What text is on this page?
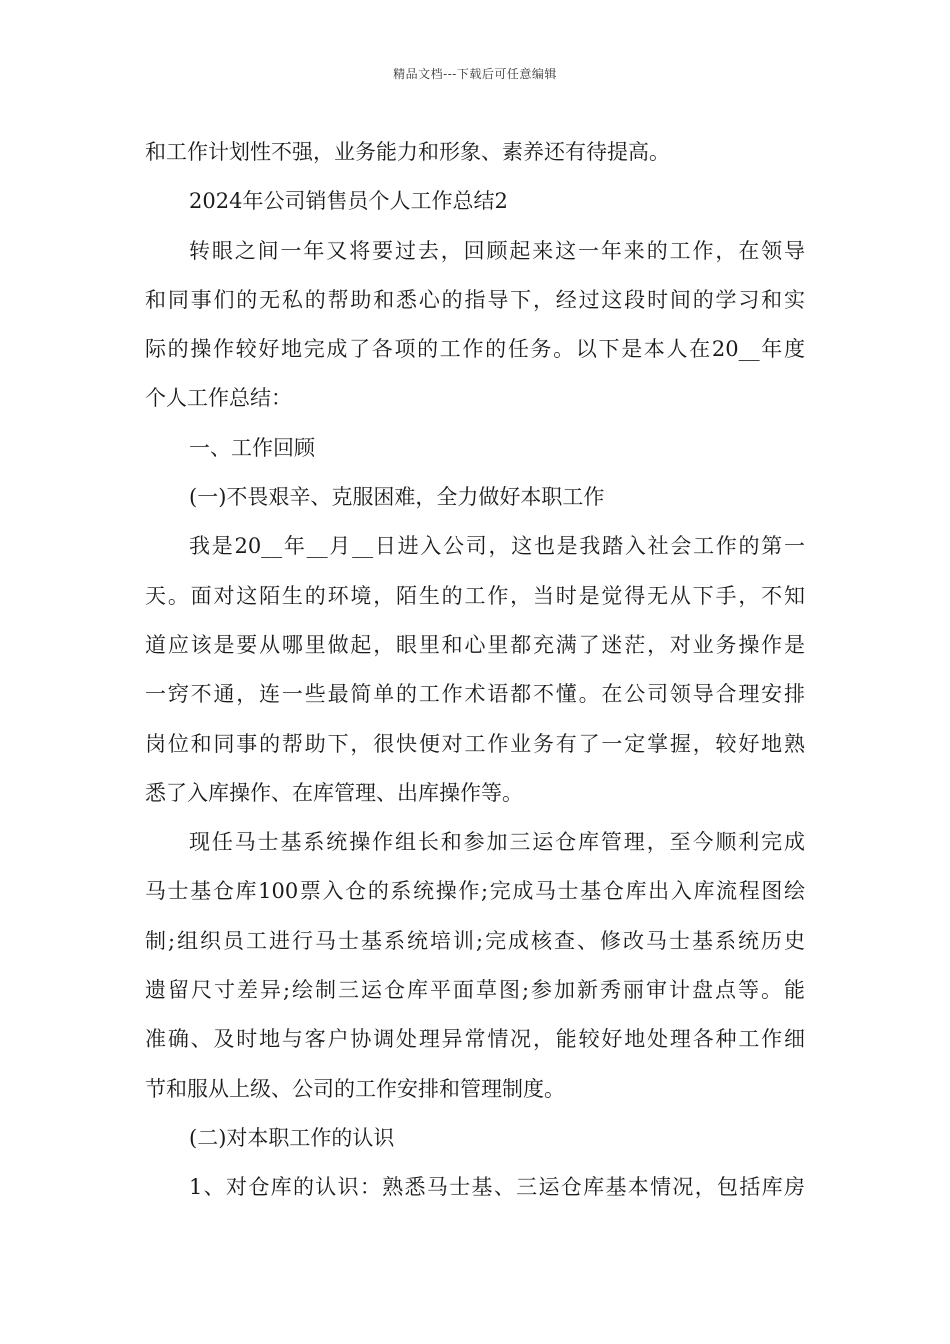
精品文档---下载后可任意编辑
和工作计划性不强，业务能力和形象、素养还有待提高。
2024年公司销售员个人工作总结2
转眼之间一年又将要过去，回顾起来这一年来的工作，在领导
和同事们的无私的帮助和悉心的指导下，经过这段时间的学习和实
际的操作较好地完成了各项的工作的任务。以下是本人在20__年度
个人工作总结：
一、工作回顾
(一)不畏艰辛、克服困难，全力做好本职工作
我是20__年__月__日进入公司，这也是我踏入社会工作的第一
天。面对这陌生的环境，陌生的工作，当时是觉得无从下手，不知
道应该是要从哪里做起，眼里和心里都充满了迷茫，对业务操作是
一窍不通，连一些最简单的工作术语都不懂。在公司领导合理安排
岗位和同事的帮助下，很快便对工作业务有了一定掌握，较好地熟
悉了入库操作、在库管理、出库操作等。
现任马士基系统操作组长和参加三运仓库管理，至今顺利完成
马士基仓库100票入仓的系统操作;完成马士基仓库出入库流程图绘
制;组织员工进行马士基系统培训;完成核查、修改马士基系统历史
遗留尺寸差异;绘制三运仓库平面草图;参加新秀丽审计盘点等。能
准确、及时地与客户协调处理异常情况，能较好地处理各种工作细
节和服从上级、公司的工作安排和管理制度。
(二)对本职工作的认识
1、对仓库的认识：熟悉马士基、三运仓库基本情况，包括库房
